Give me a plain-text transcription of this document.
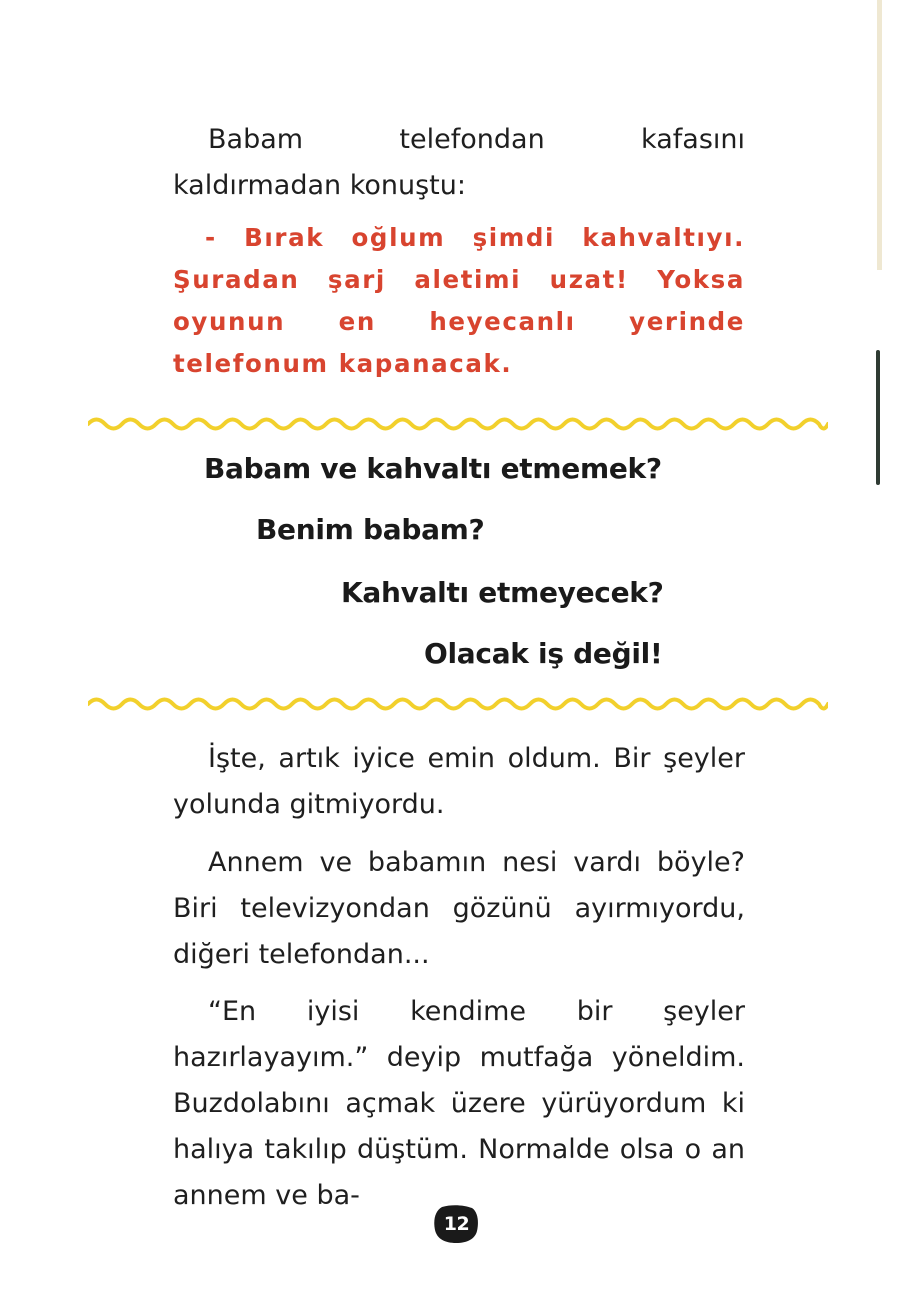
Babam telefondan kafasını kaldırmadan konuştu:

- Bırak oğlum şimdi kahvaltıyı. Şuradan şarj aletimi uzat! Yoksa oyunun en heyecanlı yerinde telefonum kapanacak.

Babam ve kahvaltı etmemek?
Benim babam?
Kahvaltı etmeyecek?
Olacak iş değil!

İşte, artık iyice emin oldum. Bir şeyler yolunda gitmiyordu.

Annem ve babamın nesi vardı böyle? Biri televizyondan gözünü ayırmıyordu, diğeri telefondan...

“En iyisi kendime bir şeyler hazırlayayım.” deyip mutfağa yöneldim. Buzdolabını açmak üzere yürüyordum ki halıya takılıp düştüm. Normalde olsa o an annem ve ba-

12
